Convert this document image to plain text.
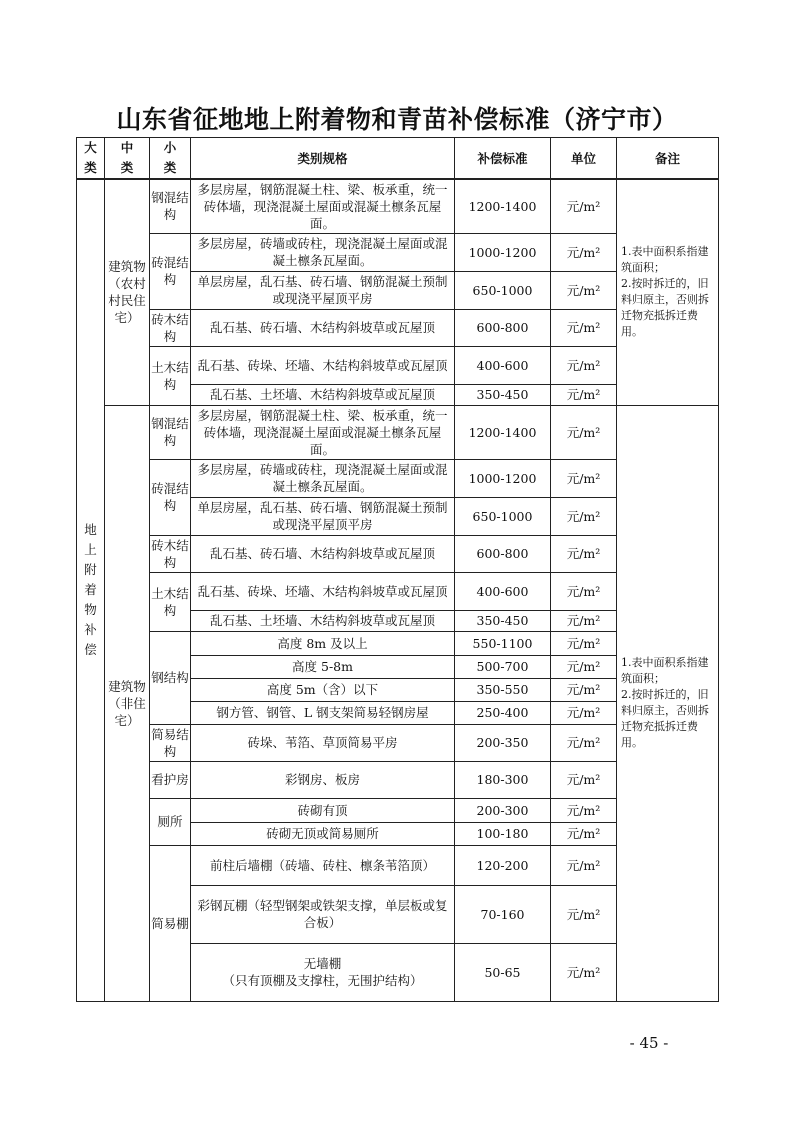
山东省征地地上附着物和青苗补偿标准（济宁市）
大类	中类	小类	类别规格	补偿标准	单位	备注
地上附着物补偿	建筑物（农村村民住宅）	钢混结构	多层房屋，钢筋混凝土柱、梁、板承重，统一砖体墙，现浇混凝土屋面或混凝土檩条瓦屋面。	1200-1400	元/m²	1.表中面积系指建筑面积；
2.按时拆迁的，旧料归原主，否则拆迁物充抵拆迁费用。
		砖混结构	多层房屋，砖墙或砖柱，现浇混凝土屋面或混凝土檩条瓦屋面。	1000-1200	元/m²	
			单层房屋，乱石基、砖石墙、钢筋混凝土预制或现浇平屋顶平房	650-1000	元/m²	
		砖木结构	乱石基、砖石墙、木结构斜坡草或瓦屋顶	600-800	元/m²	
		土木结构	乱石基、砖垛、坯墙、木结构斜坡草或瓦屋顶	400-600	元/m²	
			乱石基、土坯墙、木结构斜坡草或瓦屋顶	350-450	元/m²	
	建筑物（非住宅）	钢混结构	多层房屋，钢筋混凝土柱、梁、板承重，统一砖体墙，现浇混凝土屋面或混凝土檩条瓦屋面。	1200-1400	元/m²	1.表中面积系指建筑面积；
2.按时拆迁的，旧料归原主，否则拆迁物充抵拆迁费用。
		砖混结构	多层房屋，砖墙或砖柱，现浇混凝土屋面或混凝土檩条瓦屋面。	1000-1200	元/m²	
			单层房屋，乱石基、砖石墙、钢筋混凝土预制或现浇平屋顶平房	650-1000	元/m²	
		砖木结构	乱石基、砖石墙、木结构斜坡草或瓦屋顶	600-800	元/m²	
		土木结构	乱石基、砖垛、坯墙、木结构斜坡草或瓦屋顶	400-600	元/m²	
			乱石基、土坯墙、木结构斜坡草或瓦屋顶	350-450	元/m²	
		钢结构	高度 8m 及以上	550-1100	元/m²	
			高度 5-8m	500-700	元/m²	
			高度 5m（含）以下	350-550	元/m²	
			钢方管、钢管、L 钢支架简易轻钢房屋	250-400	元/m²	
		简易结构	砖垛、苇箔、草顶简易平房	200-350	元/m²	
		看护房	彩钢房、板房	180-300	元/m²	
		厕所	砖砌有顶	200-300	元/m²	
			砖砌无顶或简易厕所	100-180	元/m²	
		简易棚	前柱后墙棚（砖墙、砖柱、檩条苇箔顶）	120-200	元/m²	
			彩钢瓦棚（轻型钢架或铁架支撑，单层板或复合板）	70-160	元/m²	
			无墙棚
（只有顶棚及支撑柱，无围护结构）	50-65	元/m²	
- 45 -
